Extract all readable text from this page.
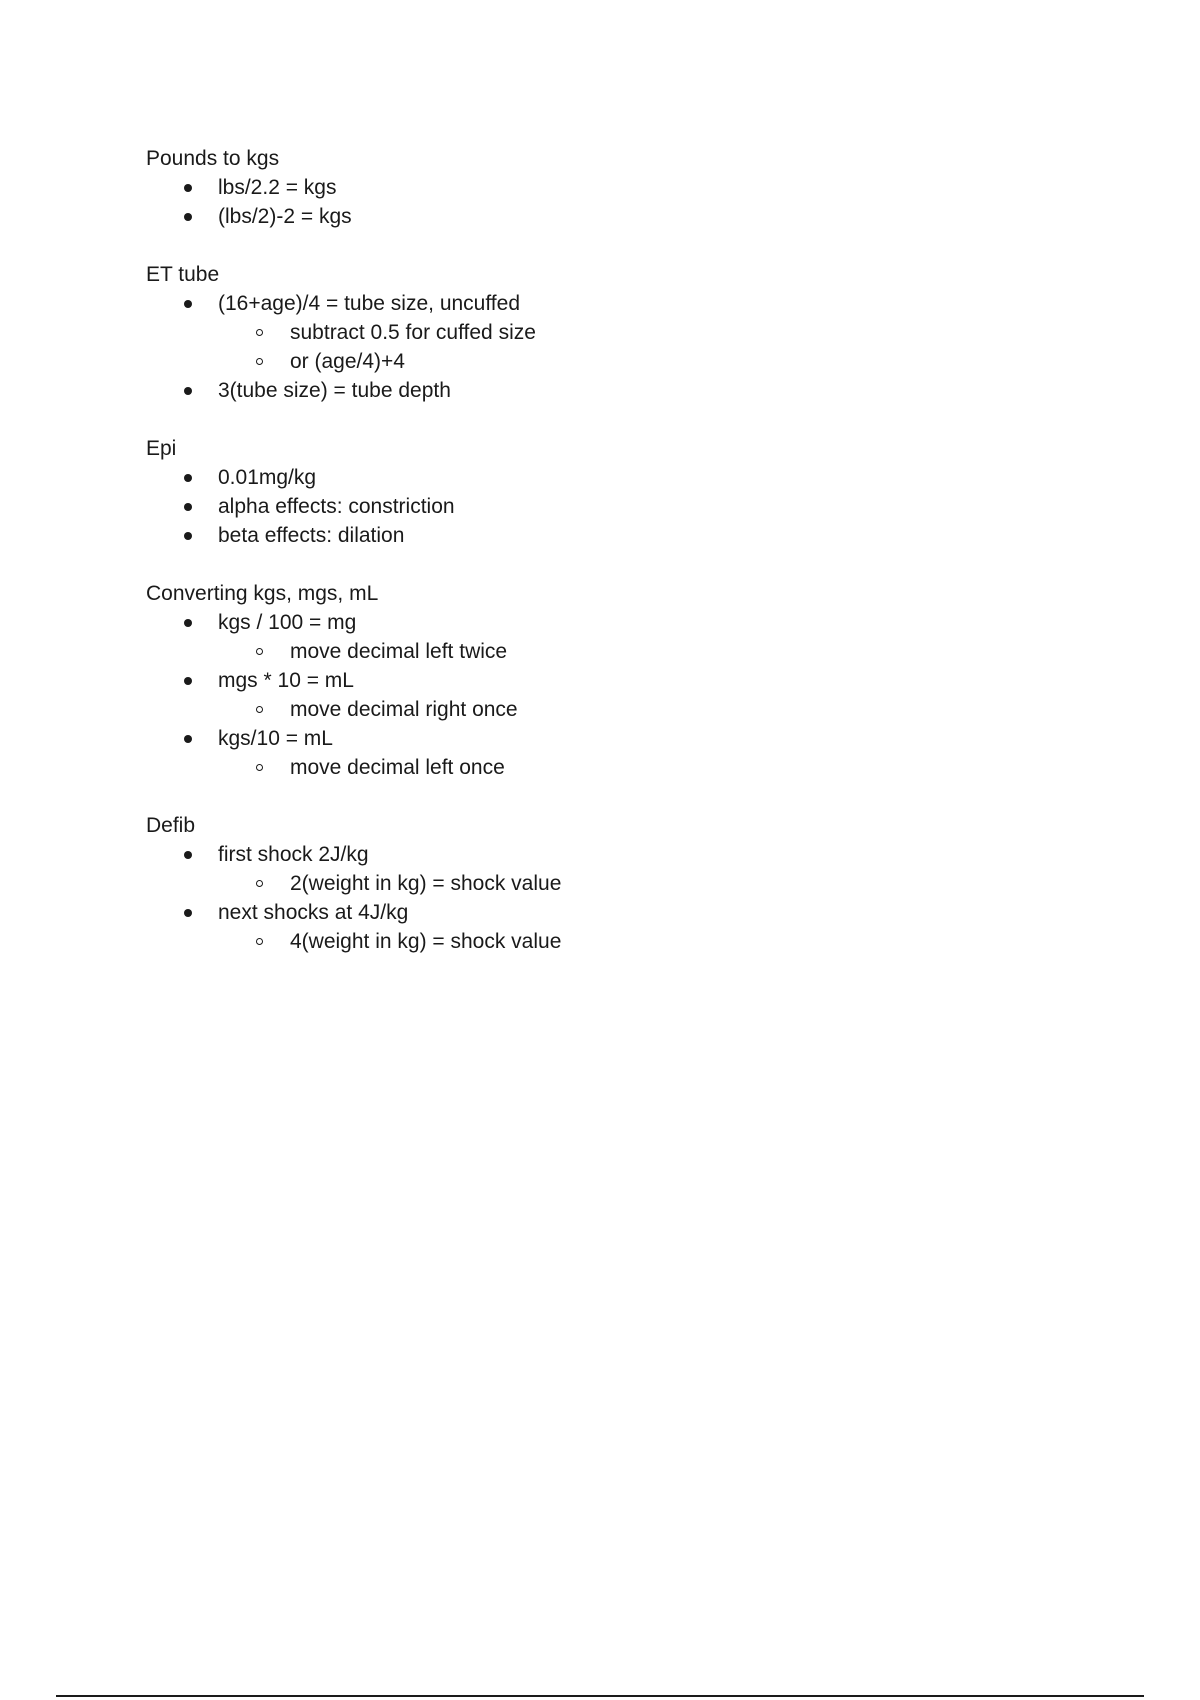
Pounds to kgs
lbs/2.2 = kgs
(lbs/2)-2 = kgs
ET tube
(16+age)/4 = tube size, uncuffed
subtract 0.5 for cuffed size
or (age/4)+4
3(tube size) = tube depth
Epi
0.01mg/kg
alpha effects: constriction
beta effects: dilation
Converting kgs, mgs, mL
kgs / 100 = mg
move decimal left twice
mgs * 10 = mL
move decimal right once
kgs/10 = mL
move decimal left once
Defib
first shock 2J/kg
2(weight in kg) = shock value
next shocks at 4J/kg
4(weight in kg) = shock value
